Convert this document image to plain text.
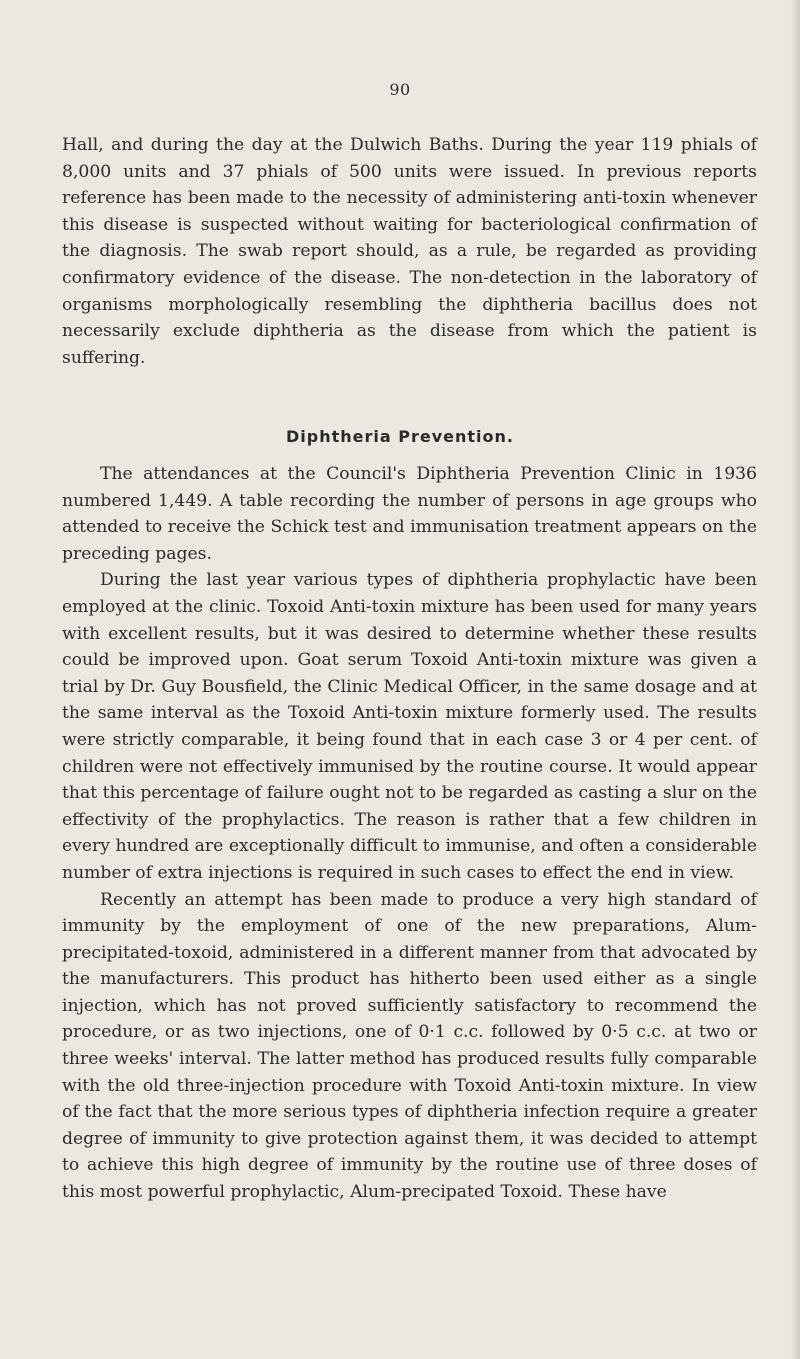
90

Hall, and during the day at the Dulwich Baths. During the year 119 phials of 8,000 units and 37 phials of 500 units were issued. In previous reports reference has been made to the necessity of administering anti-toxin whenever this disease is suspected without waiting for bacteriological confirmation of the diagnosis. The swab report should, as a rule, be regarded as providing confirmatory evidence of the disease. The non-detection in the laboratory of organisms morphologically resembling the diphtheria bacillus does not necessarily exclude diphtheria as the disease from which the patient is suffering.

Diphtheria Prevention.

The attendances at the Council's Diphtheria Prevention Clinic in 1936 numbered 1,449. A table recording the number of persons in age groups who attended to receive the Schick test and immunisation treatment appears on the preceding pages.

During the last year various types of diphtheria prophylactic have been employed at the clinic. Toxoid Anti-toxin mixture has been used for many years with excellent results, but it was desired to determine whether these results could be improved upon. Goat serum Toxoid Anti-toxin mixture was given a trial by Dr. Guy Bousfield, the Clinic Medical Officer, in the same dosage and at the same interval as the Toxoid Anti-toxin mixture formerly used. The results were strictly comparable, it being found that in each case 3 or 4 per cent. of children were not effectively immunised by the routine course. It would appear that this percentage of failure ought not to be regarded as casting a slur on the effectivity of the prophylactics. The reason is rather that a few children in every hundred are exceptionally difficult to immunise, and often a considerable number of extra injections is required in such cases to effect the end in view.

Recently an attempt has been made to produce a very high standard of immunity by the employment of one of the new preparations, Alum-precipitated-toxoid, administered in a different manner from that advocated by the manufacturers. This product has hitherto been used either as a single injection, which has not proved sufficiently satisfactory to recommend the procedure, or as two injections, one of 0·1 c.c. followed by 0·5 c.c. at two or three weeks' interval. The latter method has produced results fully comparable with the old three-injection procedure with Toxoid Anti-toxin mixture. In view of the fact that the more serious types of diphtheria infection require a greater degree of immunity to give protection against them, it was decided to attempt to achieve this high degree of immunity by the routine use of three doses of this most powerful prophylactic, Alum-precipated Toxoid. These have
